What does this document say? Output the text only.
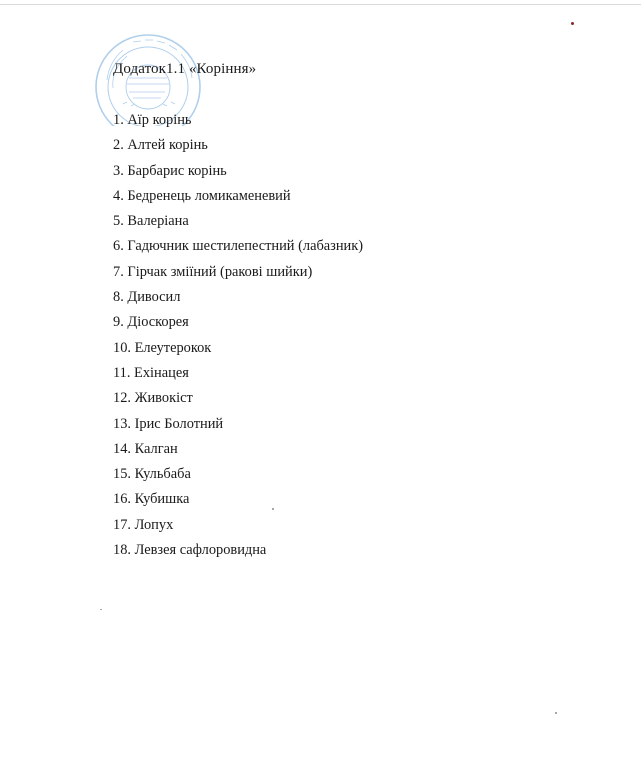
Додаток1.1 «Коріння»
1. Аїр корінь
2. Алтей корінь
3. Барбарис корінь
4. Бедренець ломикаменевий
5. Валеріана
6. Гадючник шестилепестний (лабазник)
7. Гірчак зміїний (ракові шийки)
8. Дивосил
9. Діоскорея
10. Елеутерокок
11. Ехінацея
12. Живокіст
13. Ірис Болотний
14. Калган
15. Кульбаба
16. Кубишка
17. Лопух
18. Левзея сафлоровидна
